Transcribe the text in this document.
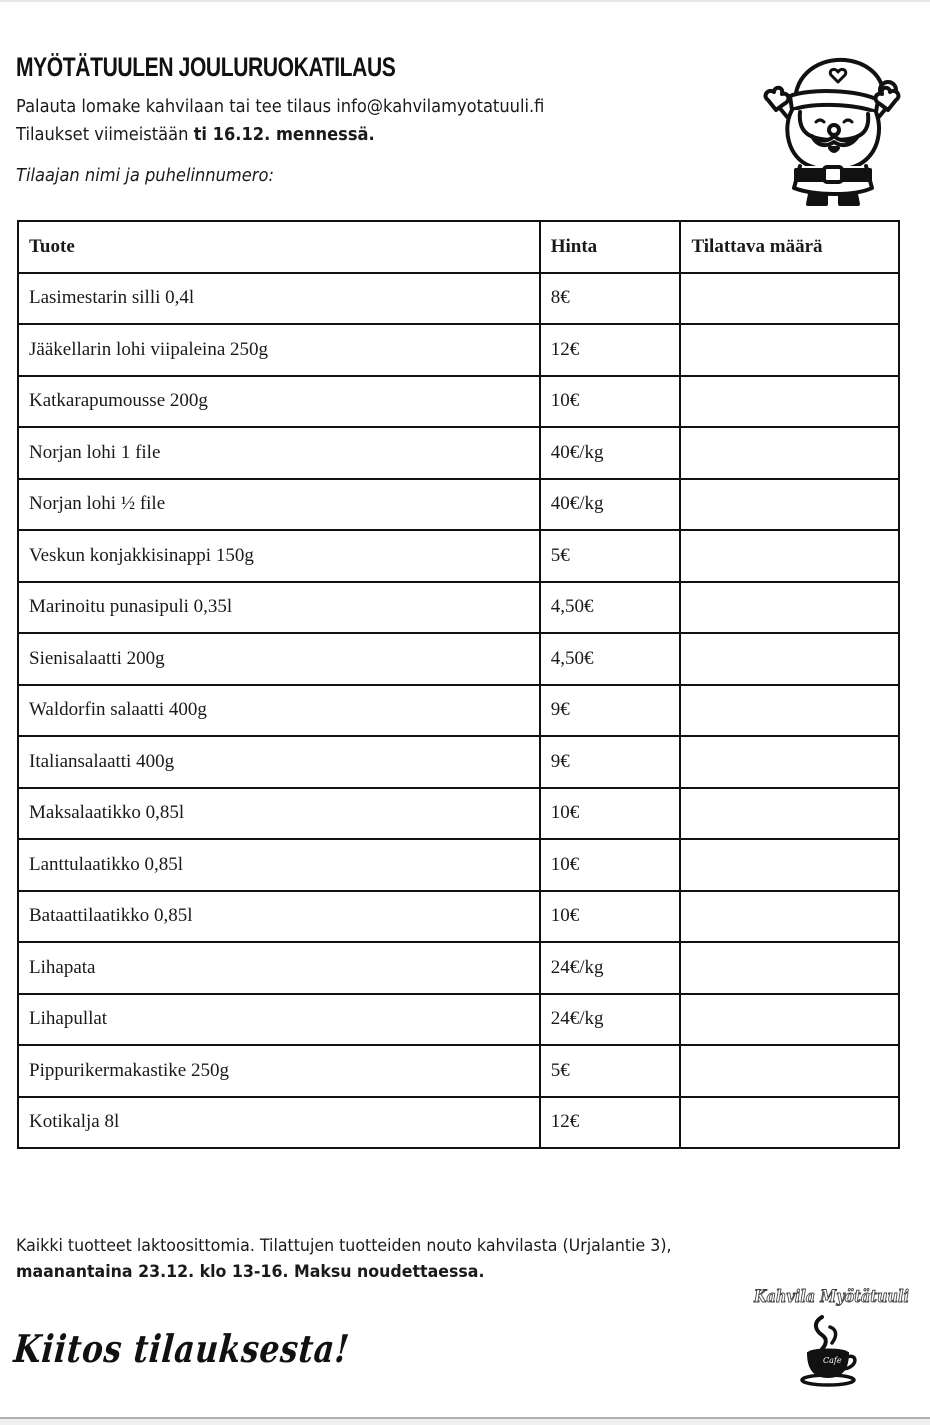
MYÖTÄTUULEN JOULURUOKATILAUS
Palauta lomake kahvilaan tai tee tilaus info@kahvilamyotatuuli.fi
Tilaukset viimeistään ti 16.12. mennessä.
Tilaajan nimi ja puhelinnumero:
Tuote	Hinta	Tilattava määrä
Lasimestarin silli 0,4l	8€	
Jääkellarin lohi viipaleina 250g	12€	
Katkarapumousse 200g	10€	
Norjan lohi 1 file	40€/kg	
Norjan lohi ½ file	40€/kg	
Veskun konjakkisinappi 150g	5€	
Marinoitu punasipuli 0,35l	4,50€	
Sienisalaatti 200g	4,50€	
Waldorfin salaatti 400g	9€	
Italiansalaatti 400g	9€	
Maksalaatikko 0,85l	10€	
Lanttulaatikko 0,85l	10€	
Bataattilaatikko 0,85l	10€	
Lihapata	24€/kg	
Lihapullat	24€/kg	
Pippurikermakastike 250g	5€	
Kotikalja 8l	12€	
Kaikki tuotteet laktoosittomia. Tilattujen tuotteiden nouto kahvilasta (Urjalantie 3),
maanantaina 23.12. klo 13-16. Maksu noudettaessa.
Kiitos tilauksesta!
Kahvila Myötätuuli
Cafe
